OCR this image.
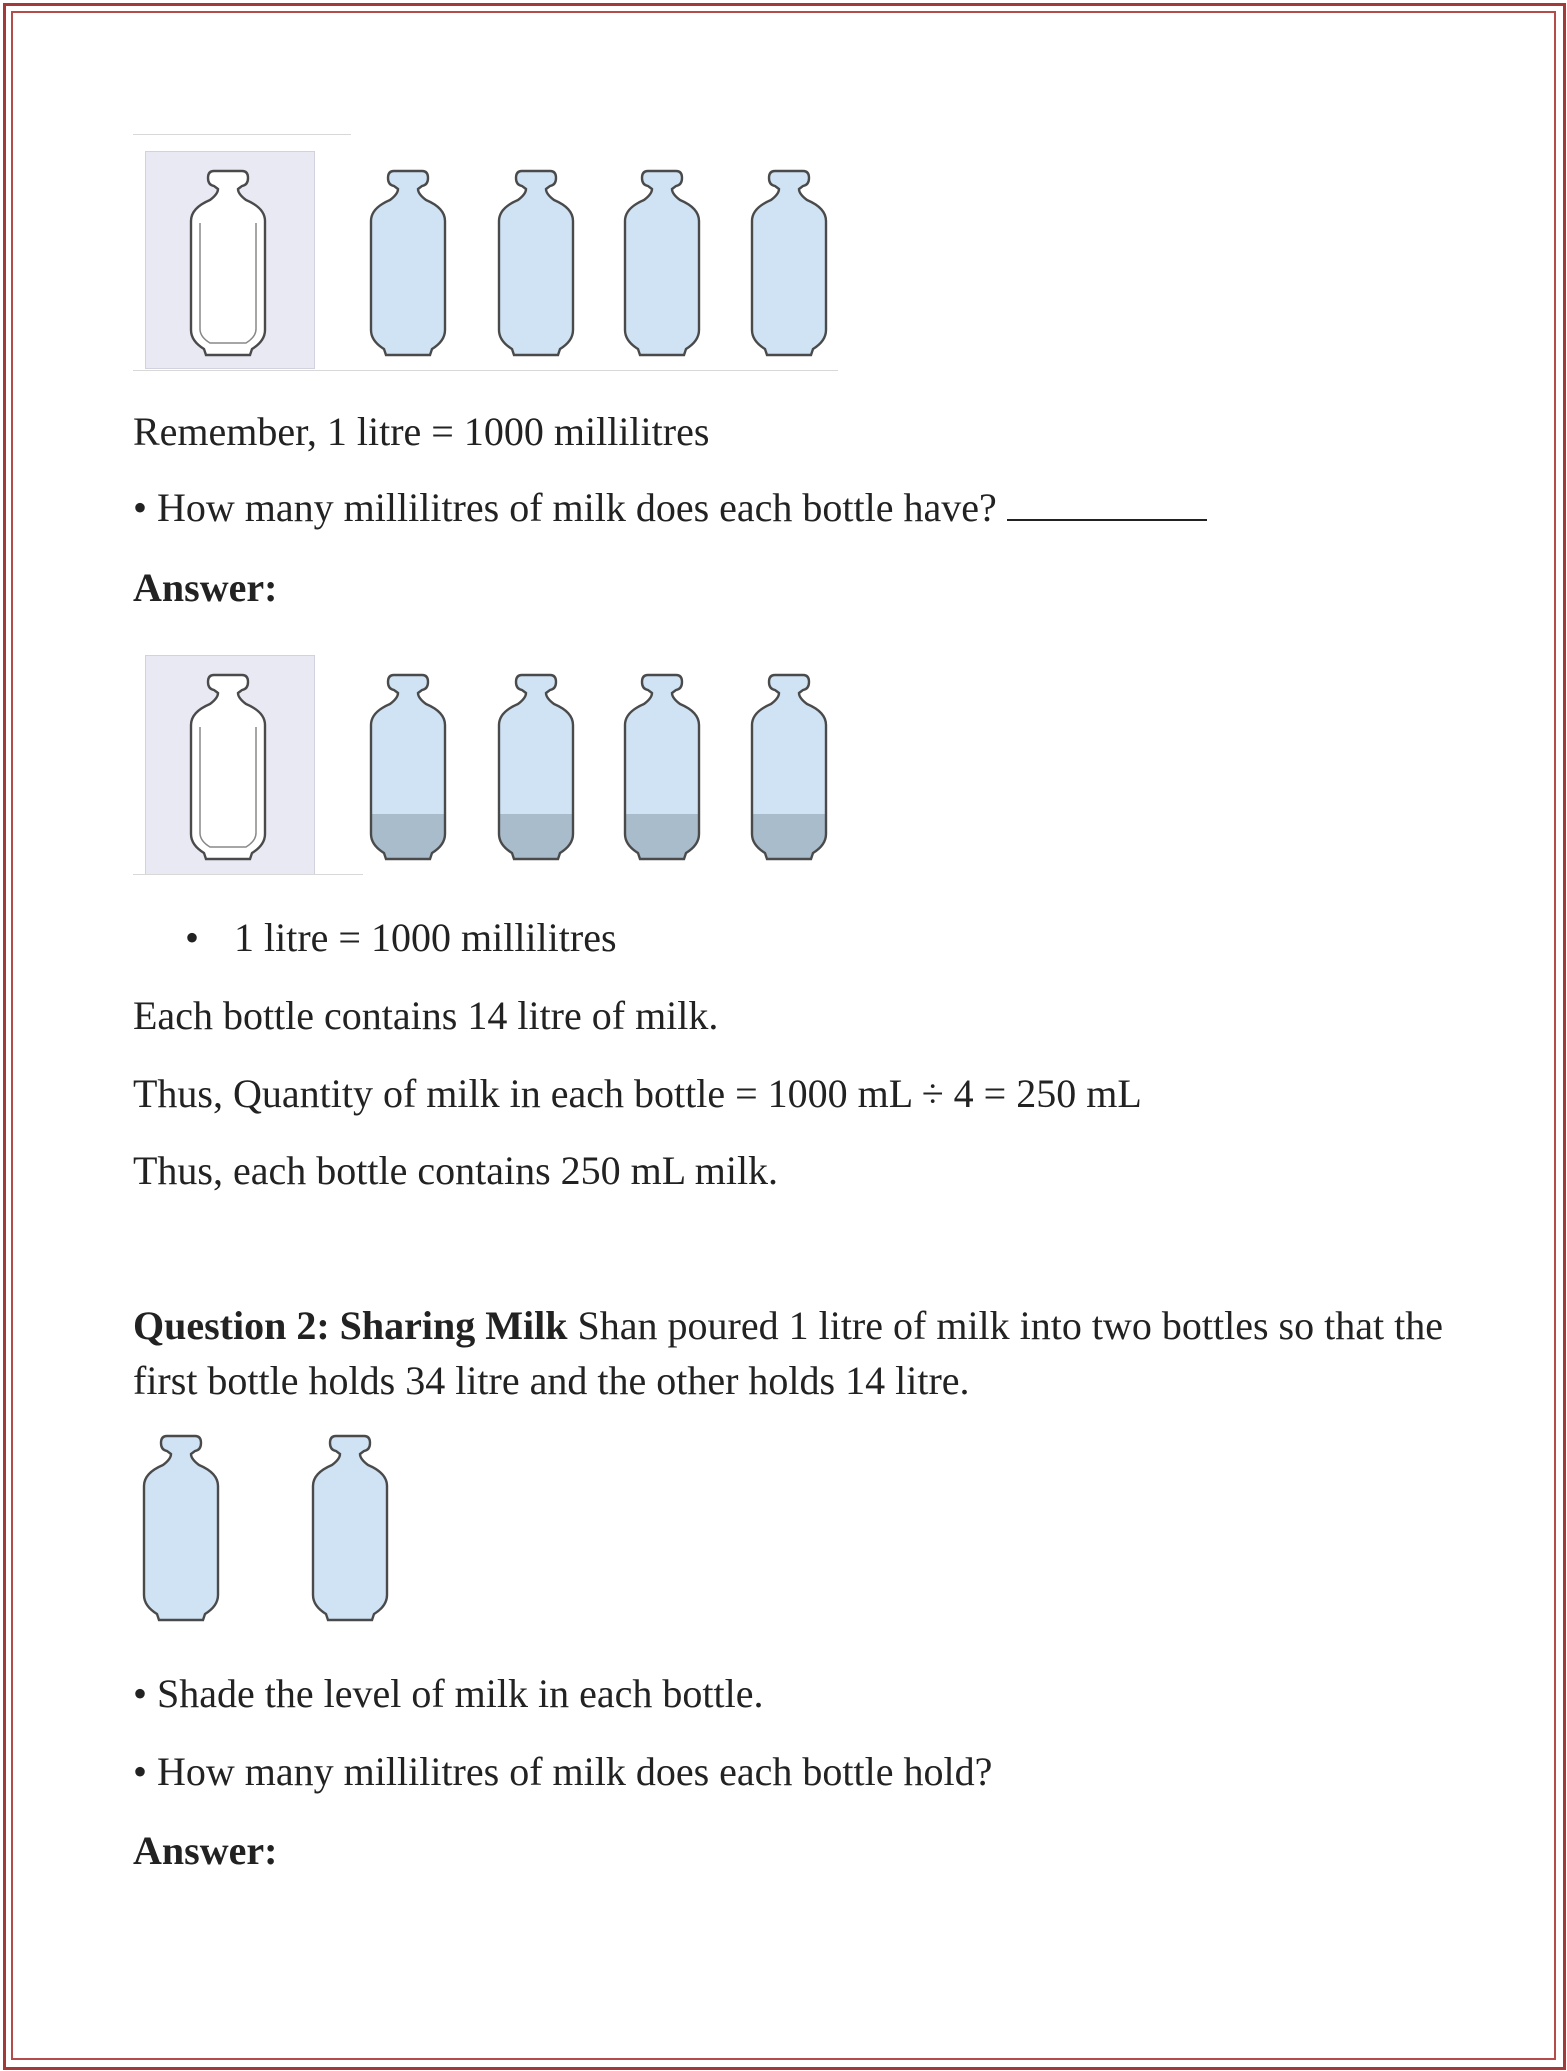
Remember, 1 litre = 1000 millilitres
• How many millilitres of milk does each bottle have?
Answer:
• 1 litre = 1000 millilitres
Each bottle contains 14 litre of milk.
Thus, Quantity of milk in each bottle = 1000 mL ÷ 4 = 250 mL
Thus, each bottle contains 250 mL milk.
Question 2: Sharing Milk Shan poured 1 litre of milk into two bottles so that the first bottle holds 34 litre and the other holds 14 litre.
• Shade the level of milk in each bottle.
• How many millilitres of milk does each bottle hold?
Answer:
